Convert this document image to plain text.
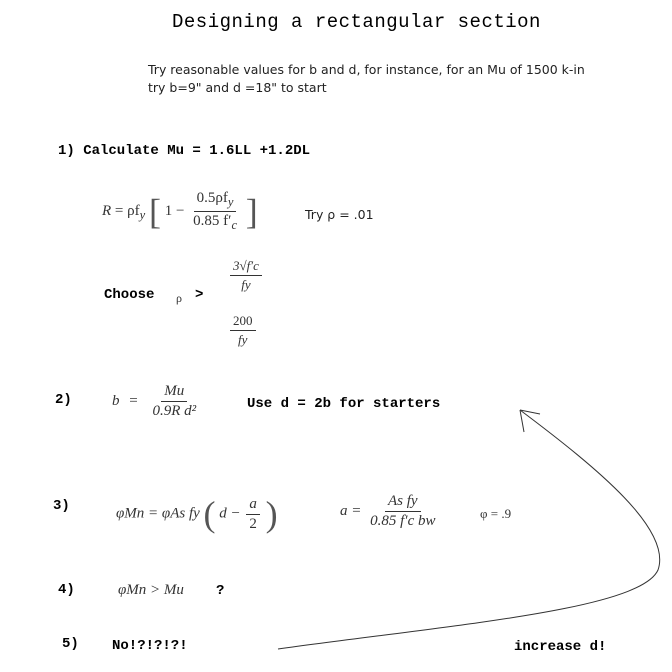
Designing a rectangular section
Try reasonable values for b and d, for instance, for an Mu of 1500 k-in
try b=9" and d =18" to start
1) Calculate Mu = 1.6LL +1.2DL
$R = \rho f_y$ [ $1 - \frac{0.5\rho f_y}{0.85 f'_c}$ ]	Try ρ = .01
Choose ρ >
$\frac{3√f'c}{fy}$
$\frac{200}{fy}$
2)	$b = \frac{Mu}{\text{0.9R d²}}$	Use d = 2b for starters
3)	φMn = φAs fy ( $d - \frac{a}{2}$ )	$a = \frac{\text{As fy}}{\text{0.85 f′c bw}}$	φ = .9
4)	φMn > Mu ?
5) No!?!?!?!	increase d!
